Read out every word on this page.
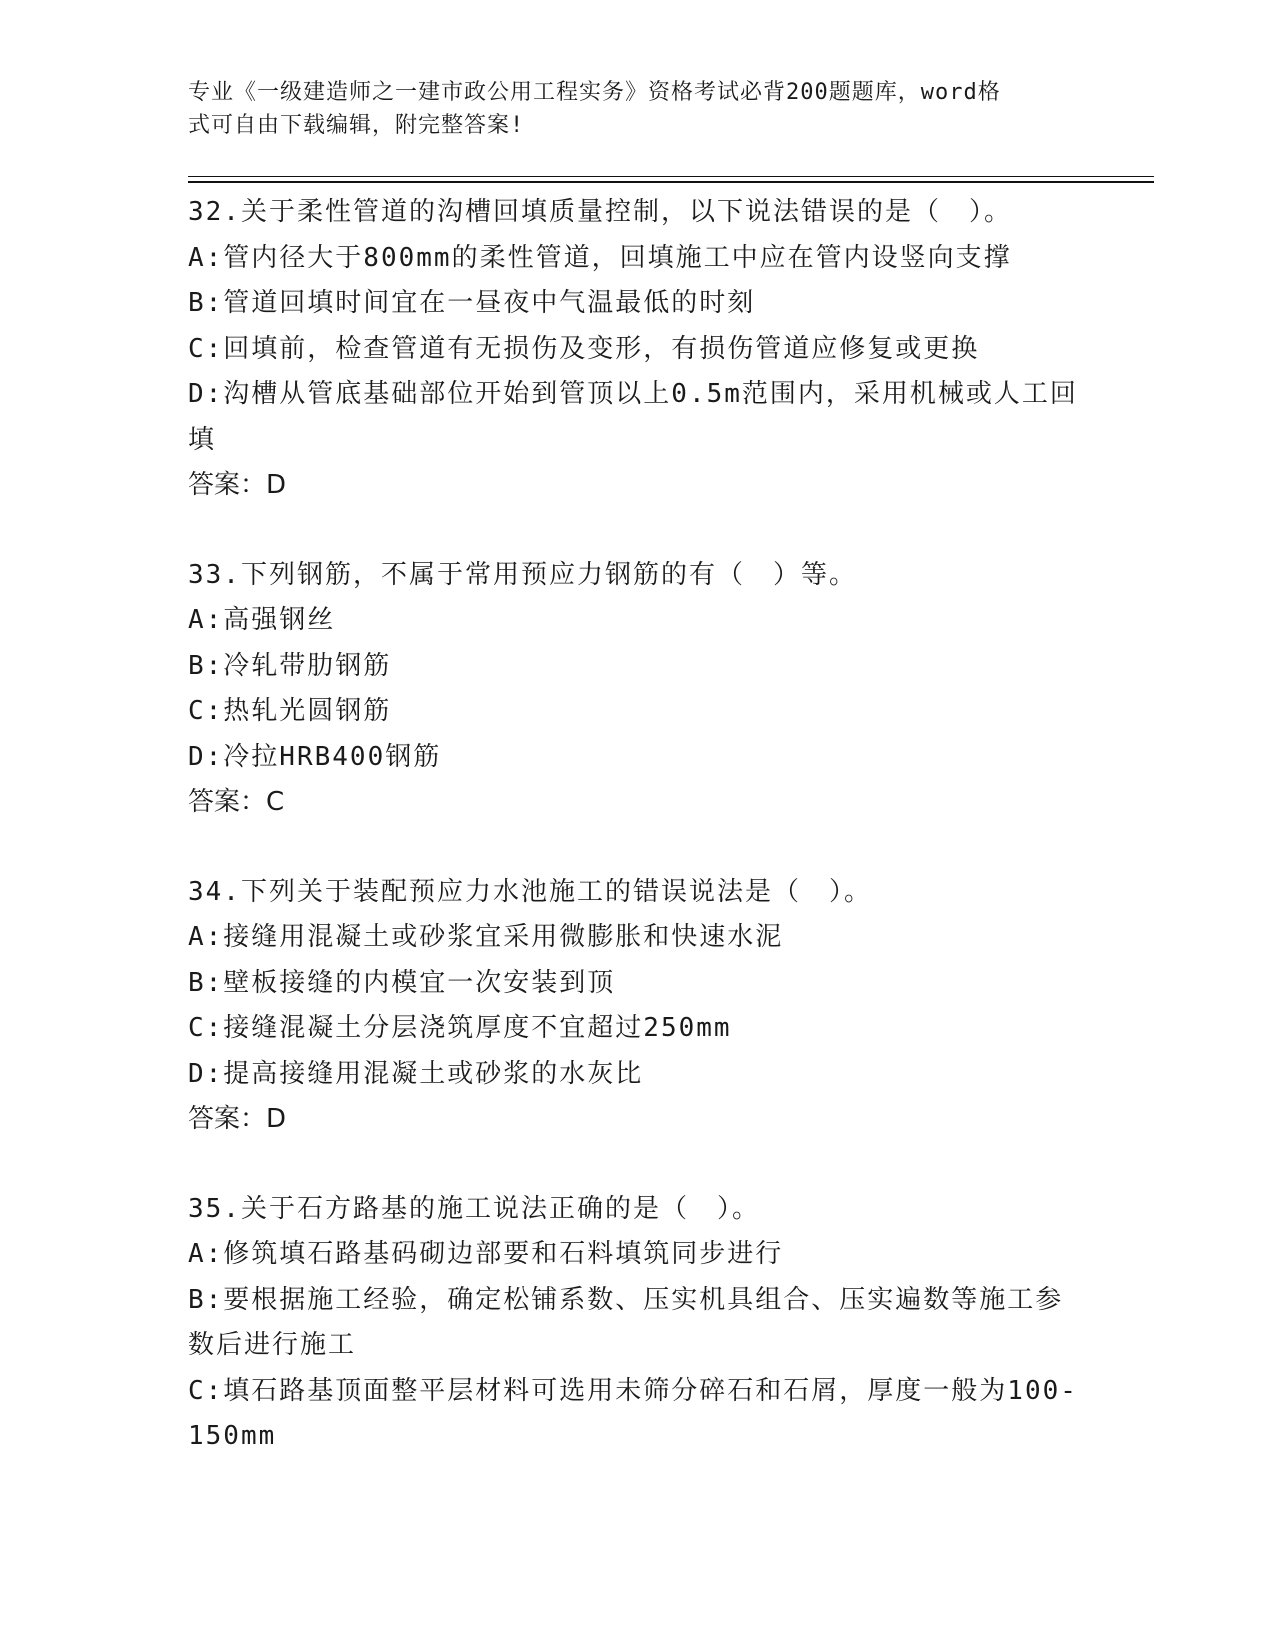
专业《一级建造师之一建市政公用工程实务》资格考试必背200题题库，word格
式可自由下载编辑，附完整答案!

32.关于柔性管道的沟槽回填质量控制，以下说法错误的是（　）。

A:管内径大于800mm的柔性管道，回填施工中应在管内设竖向支撑

B:管道回填时间宜在一昼夜中气温最低的时刻

C:回填前，检查管道有无损伤及变形，有损伤管道应修复或更换

D:沟槽从管底基础部位开始到管顶以上0.5m范围内，采用机械或人工回填

答案：D

33.下列钢筋，不属于常用预应力钢筋的有（　）等。

A:高强钢丝

B:冷轧带肋钢筋

C:热轧光圆钢筋

D:冷拉HRB400钢筋

答案：C

34.下列关于装配预应力水池施工的错误说法是（　）。

A:接缝用混凝土或砂浆宜采用微膨胀和快速水泥

B:壁板接缝的内模宜一次安装到顶

C:接缝混凝土分层浇筑厚度不宜超过250mm

D:提高接缝用混凝土或砂浆的水灰比

答案：D

35.关于石方路基的施工说法正确的是（　）。

A:修筑填石路基码砌边部要和石料填筑同步进行

B:要根据施工经验，确定松铺系数、压实机具组合、压实遍数等施工参数后进行施工

C:填石路基顶面整平层材料可选用未筛分碎石和石屑，厚度一般为100-150mm
